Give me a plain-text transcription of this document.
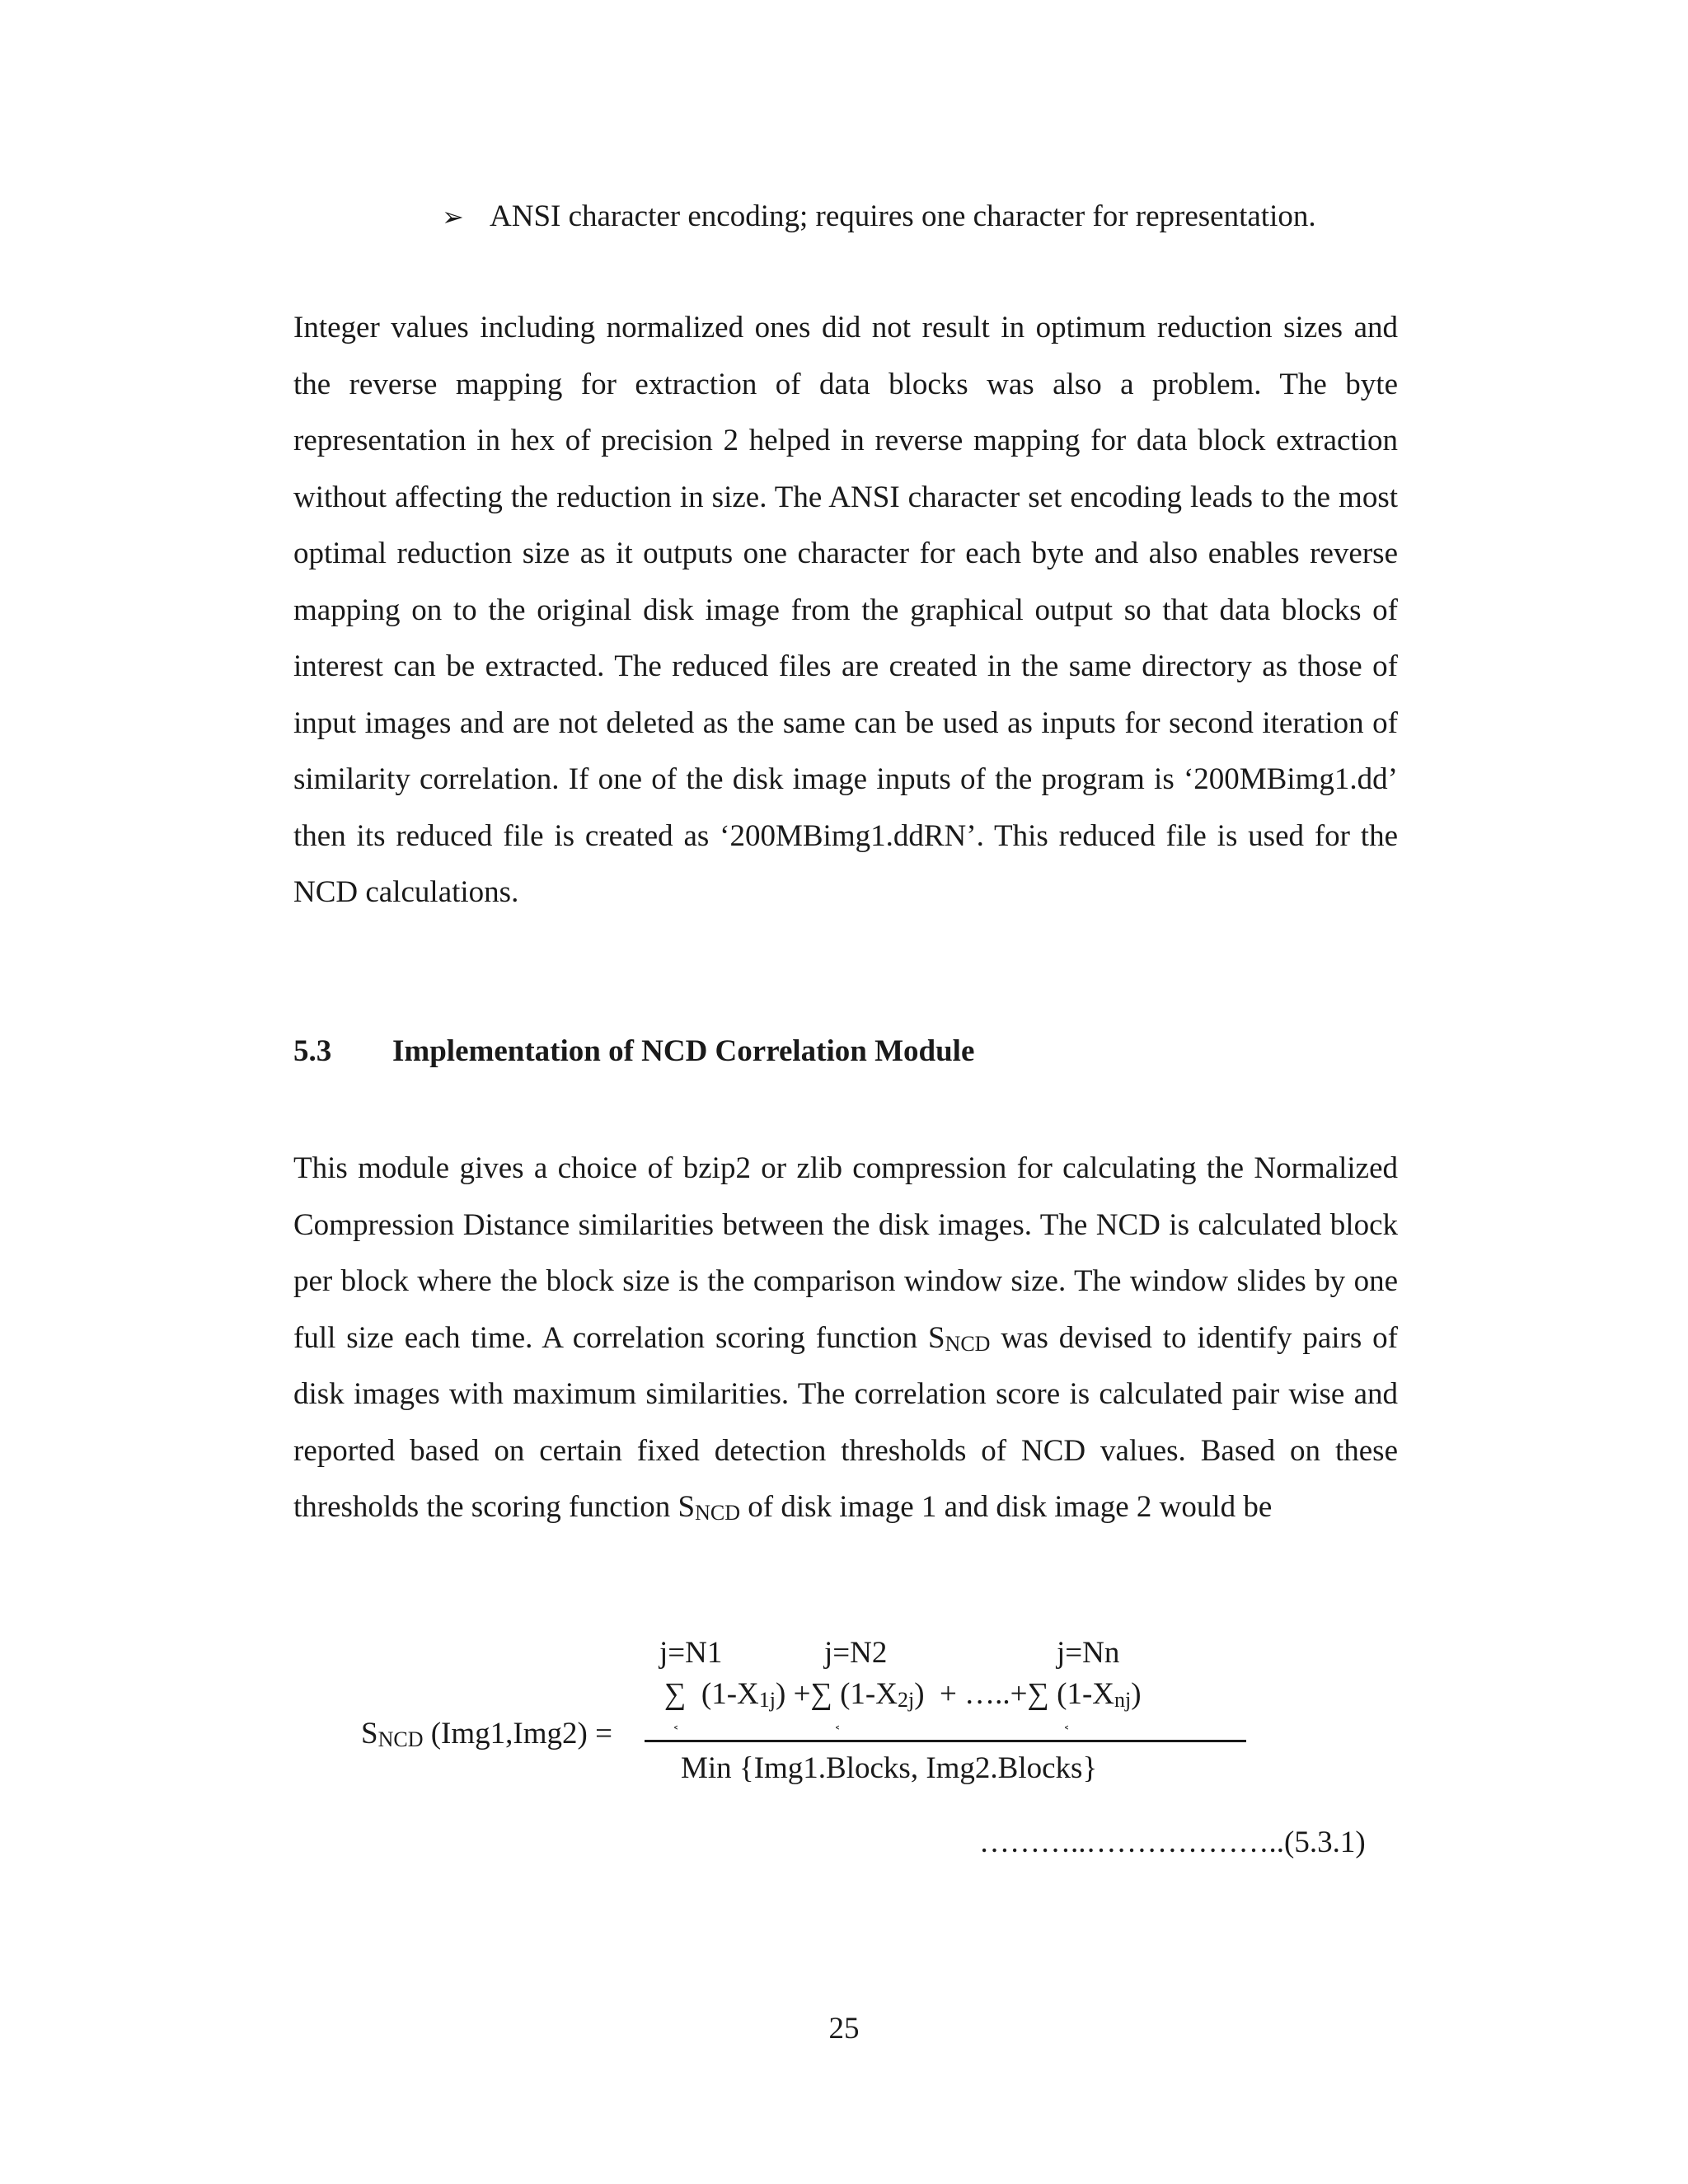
➢ ANSI character encoding; requires one character for representation.

Integer values including normalized ones did not result in optimum reduction sizes and the reverse mapping for extraction of data blocks was also a problem. The byte representation in hex of precision 2 helped in reverse mapping for data block extraction without affecting the reduction in size. The ANSI character set encoding leads to the most optimal reduction size as it outputs one character for each byte and also enables reverse mapping on to the original disk image from the graphical output so that data blocks of interest can be extracted. The reduced files are created in the same directory as those of input images and are not deleted as the same can be used as inputs for second iteration of similarity correlation. If one of the disk image inputs of the program is ‘200MBimg1.dd’ then its reduced file is created as ‘200MBimg1.ddRN’. This reduced file is used for the NCD calculations.

5.3 Implementation of NCD Correlation Module

This module gives a choice of bzip2 or zlib compression for calculating the Normalized Compression Distance similarities between the disk images. The NCD is calculated block per block where the block size is the comparison window size. The window slides by one full size each time. A correlation scoring function $S_{NCD}$ was devised to identify pairs of disk images with maximum similarities. The correlation score is calculated pair wise and reported based on certain fixed detection thresholds of NCD values. Based on these thresholds the scoring function $S_{NCD}$ of disk image 1 and disk image 2 would be

$S_{NCD}$ (Img1,Img2) =
j=N1	j=N2	j=Nn
∑ $(1-X_{1j})$ +∑ $(1-X_{2j})$ + …..+∑ $(1-X_{nj})$
˂	˂	˂
Min {Img1.Blocks, Img2.Blocks}
………..………………..(5.3.1)
25
